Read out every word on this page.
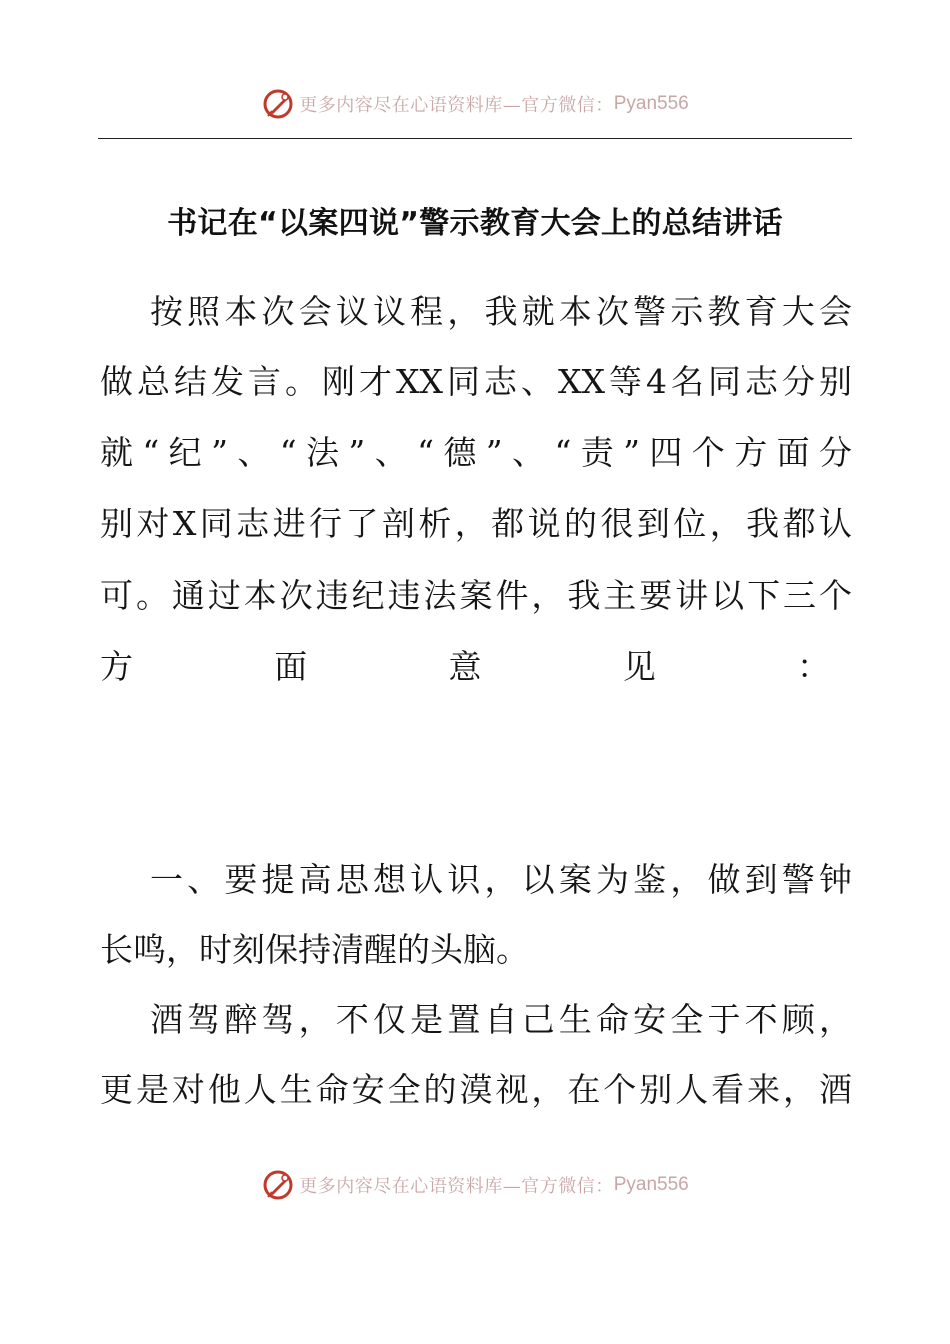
更多内容尽在心语资料库—官方微信： Pyan556
书记在“以案四说”警示教育大会上的总结讲话
按照本次会议议程，我就本次警示教育大会
做总结发言。刚才XX同志、XX等4名同志分别
就“纪”、“法”、“德”、“责”四个方面分
别对X同志进行了剖析，都说的很到位，我都认
可。通过本次违纪违法案件，我主要讲以下三个
方面意见：
一、要提高思想认识，以案为鉴，做到警钟
长鸣，时刻保持清醒的头脑。
酒驾醉驾，不仅是置自己生命安全于不顾，
更是对他人生命安全的漠视，在个别人看来，酒
更多内容尽在心语资料库—官方微信： Pyan556
